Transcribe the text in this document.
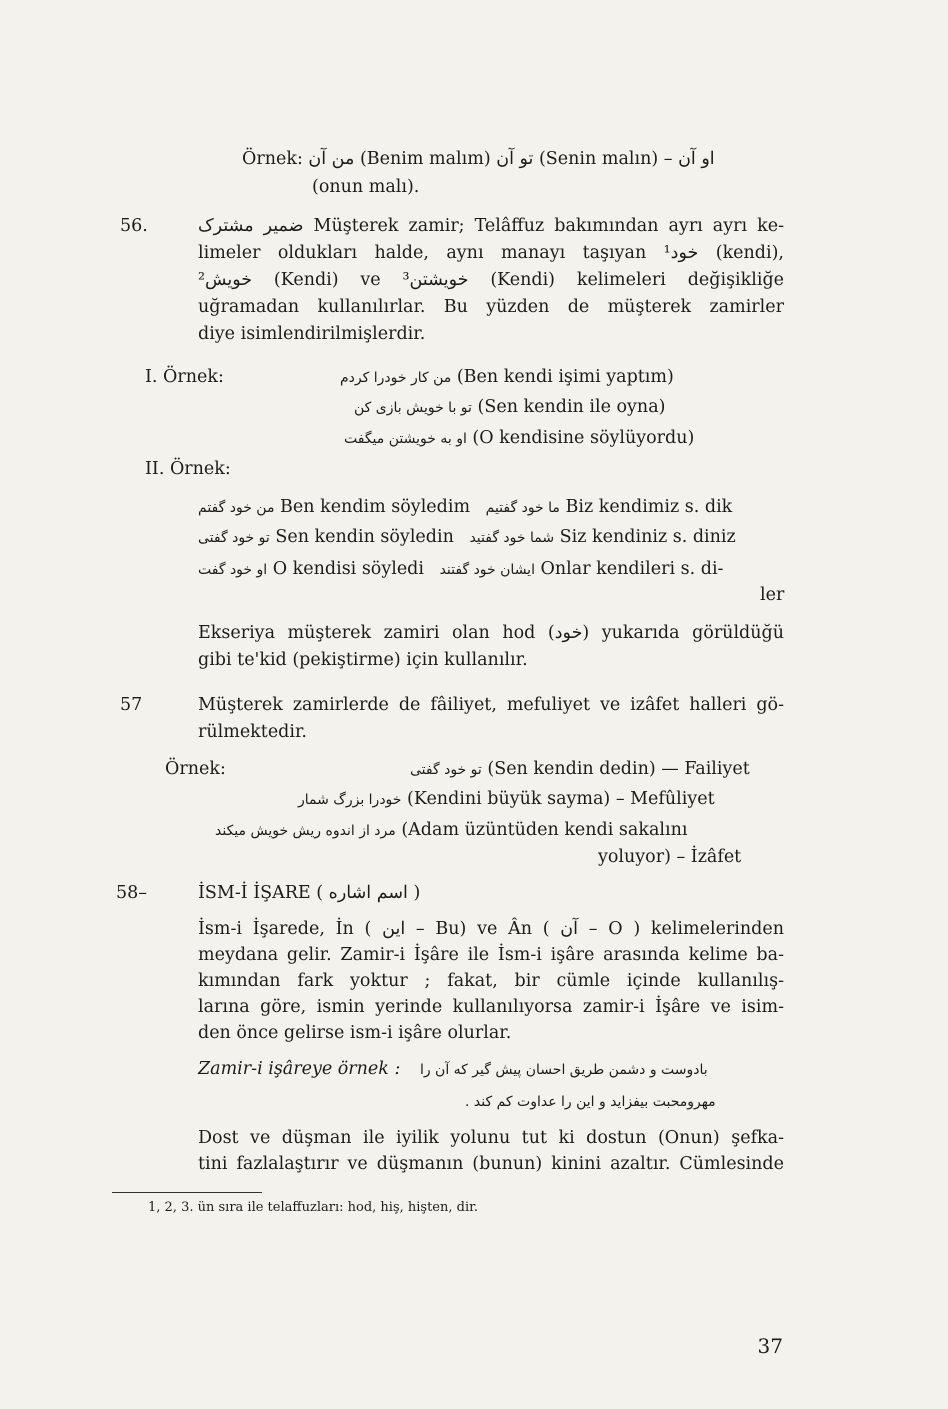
Örnek: من آن (Benim malım) تو آن (Senin malın) – او آن
(onun malı).
56.	ضمیر مشترک Müşterek zamir; Telâffuz bakımından ayrı ayrı ke-
limeler oldukları halde, aynı manayı taşıyan خود¹ (kendi),
خویش² (Kendi) ve خویشتن³ (Kendi) kelimeleri değişikliğe
uğramadan kullanılırlar. Bu yüzden de müşterek zamirler
diye isimlendirilmişlerdir.
I. Örnek:	من کار خودرا کردم (Ben kendi işimi yaptım)
تو با خویش بازی کن (Sen kendin ile oyna)
او به خویشتن میگفت (O kendisine söylüyordu)
II. Örnek:
من خود گفتم Ben kendim söyledim ما خود گفتیم Biz kendimiz s. dik
تو خود گفتی Sen kendin söyledin شما خود گفتید Siz kendiniz s. diniz
او خود گفت O kendisi söyledi ایشان خود گفتند Onlar kendileri s. di-
ler
Ekseriya müşterek zamiri olan hod (خود) yukarıda görüldüğü
gibi te'kid (pekiştirme) için kullanılır.
57	Müşterek zamirlerde de fâiliyet, mefuliyet ve izâfet halleri gö-
rülmektedir.
Örnek:	تو خود گفتی (Sen kendin dedin) — Failiyet
خودرا بزرگ شمار (Kendini büyük sayma) – Mefûliyet
مرد از اندوه ریش خویش میکند (Adam üzüntüden kendi sakalını
yoluyor) – İzâfet
58–	İSM-İ İŞARE ( اسم اشاره )
İsm-i İşarede, İn ( این – Bu) ve Ân ( آن – O ) kelimelerinden
meydana gelir. Zamir-i İşâre ile İsm-i işâre arasında kelime ba-
kımından fark yoktur ; fakat, bir cümle içinde kullanılış-
larına göre, ismin yerinde kullanılıyorsa zamir-i İşâre ve isim-
den önce gelirse ism-i işâre olurlar.
Zamir-i işâreye örnek : بادوست و دشمن طریق احسان پیش گیر که آن را
مهرومحبت بیفزاید و این را عداوت کم کند .
Dost ve düşman ile iyilik yolunu tut ki dostun (Onun) şefka-
tini fazlalaştırır ve düşmanın (bunun) kinini azaltır. Cümlesinde
1, 2, 3. ün sıra ile telaffuzları: hod, hiş, hişten, dir.
37
